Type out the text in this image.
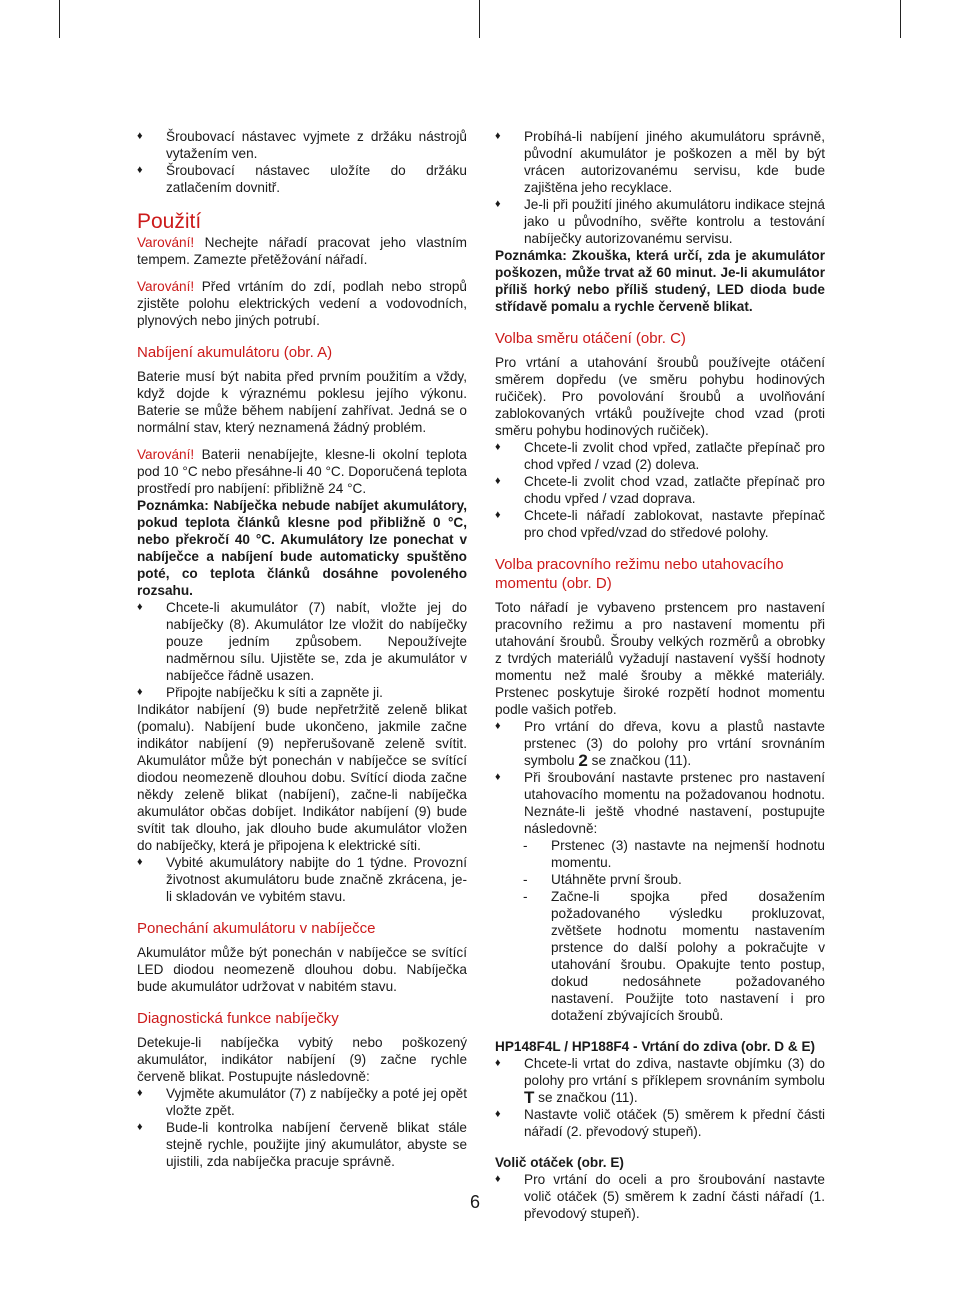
♦ Šroubovací nástavec vyjmete z držáku nástrojů vytažením ven.

♦ Šroubovací nástavec uložíte do držáku zatlačením dovnitř.

Použití

Varování! Nechejte nářadí pracovat jeho vlastním tempem. Zamezte přetěžování nářadí.

Varování! Před vrtáním do zdí, podlah nebo stropů zjistěte polohu elektrických vedení a vodovodních, plynových nebo jiných potrubí.

Nabíjení akumulátoru (obr. A)

Baterie musí být nabita před prvním použitím a vždy, když dojde k výraznému poklesu jejího výkonu. Baterie se může během nabíjení zahřívat. Jedná se o normální stav, který neznamená žádný problém.

Varování! Baterii nenabíjejte, klesne-li okolní teplota pod 10 °C nebo přesáhne-li 40 °C. Doporučená teplota prostředí pro nabíjení: přibližně 24 °C.

Poznámka: Nabíječka nebude nabíjet akumulátory, pokud teplota článků klesne pod přibližně 0 °C, nebo překročí 40 °C. Akumulátory lze ponechat v nabíječce a nabíjení bude automaticky spuštěno poté, co teplota článků dosáhne povoleného rozsahu.

♦ Chcete-li akumulátor (7) nabít, vložte jej do nabíječky (8). Akumulátor lze vložit do nabíječky pouze jedním způsobem. Nepoužívejte nadměrnou sílu. Ujistěte se, zda je akumulátor v nabíječce řádně usazen.

♦ Připojte nabíječku k síti a zapněte ji.

Indikátor nabíjení (9) bude nepřetržitě zeleně blikat (pomalu). Nabíjení bude ukončeno, jakmile začne indikátor nabíjení (9) nepřerušovaně zeleně svítit. Akumulátor může být ponechán v nabíječce se svítící diodou neomezeně dlouhou dobu. Svítící dioda začne někdy zeleně blikat (nabíjení), začne-li nabíječka akumulátor občas dobíjet. Indikátor nabíjení (9) bude svítit tak dlouho, jak dlouho bude akumulátor vložen do nabíječky, která je připojena k elektrické síti.

♦ Vybité akumulátory nabijte do 1 týdne. Provozní životnost akumulátoru bude značně zkrácena, je-li skladován ve vybitém stavu.

Ponechání akumulátoru v nabíječce

Akumulátor může být ponechán v nabíječce se svítící LED diodou neomezeně dlouhou dobu. Nabíječka bude akumulátor udržovat v nabitém stavu.

Diagnostická funkce nabíječky

Detekuje-li nabíječka vybitý nebo poškozený akumulátor, indikátor nabíjení (9) začne rychle červeně blikat. Postupujte následovně:

♦ Vyjměte akumulátor (7) z nabíječky a poté jej opět vložte zpět.

♦ Bude-li kontrolka nabíjení červeně blikat stále stejně rychle, použijte jiný akumulátor, abyste se ujistili, zda nabíječka pracuje správně.

♦ Probíhá-li nabíjení jiného akumulátoru správně, původní akumulátor je poškozen a měl by být vrácen autorizovanému servisu, kde bude zajištěna jeho recyklace.

♦ Je-li při použití jiného akumulátoru indikace stejná jako u původního, svěřte kontrolu a testování nabíječky autorizovanému servisu.

Poznámka: Zkouška, která určí, zda je akumulátor poškozen, může trvat až 60 minut. Je-li akumulátor příliš horký nebo příliš studený, LED dioda bude střídavě pomalu a rychle červeně blikat.

Volba směru otáčení (obr. C)

Pro vrtání a utahování šroubů používejte otáčení směrem dopředu (ve směru pohybu hodinových ručiček). Pro povolování šroubů a uvolňování zablokovaných vrtáků používejte chod vzad (proti směru pohybu hodinových ručiček).

♦ Chcete-li zvolit chod vpřed, zatlačte přepínač pro chod vpřed / vzad (2) doleva.

♦ Chcete-li zvolit chod vzad, zatlačte přepínač pro chodu vpřed / vzad doprava.

♦ Chcete-li nářadí zablokovat, nastavte přepínač pro chod vpřed/vzad do středové polohy.

Volba pracovního režimu nebo utahovacího momentu (obr. D)

Toto nářadí je vybaveno prstencem pro nastavení pracovního režimu a pro nastavení momentu při utahování šroubů. Šrouby velkých rozměrů a obrobky z tvrdých materiálů vyžadují nastavení vyšší hodnoty momentu než malé šrouby a měkké materiály. Prstenec poskytuje široké rozpětí hodnot momentu podle vašich potřeb.

♦ Pro vrtání do dřeva, kovu a plastů nastavte prstenec (3) do polohy pro vrtání srovnáním symbolu 2 se značkou (11).

♦ Při šroubování nastavte prstenec pro nastavení utahovacího momentu na požadovanou hodnotu. Neznáte-li ještě vhodné nastavení, postupujte následovně:

- Prstenec (3) nastavte na nejmenší hodnotu momentu.

- Utáhněte první šroub.

- Začne-li spojka před dosažením požadovaného výsledku prokluzovat, zvětšete hodnotu momentu nastavením prstence do další polohy a pokračujte v utahování šroubu. Opakujte tento postup, dokud nedosáhnete požadovaného nastavení. Použijte toto nastavení i pro dotažení zbývajících šroubů.

HP148F4L / HP188F4 - Vrtání do zdiva (obr. D & E)

♦ Chcete-li vrtat do zdiva, nastavte objímku (3) do polohy pro vrtání s příklepem srovnáním symbolu T se značkou (11).

♦ Nastavte volič otáček (5) směrem k přední části nářadí (2. převodový stupeň).

Volič otáček (obr. E)

♦ Pro vrtání do oceli a pro šroubování nastavte volič otáček (5) směrem k zadní části nářadí (1. převodový stupeň).

6
